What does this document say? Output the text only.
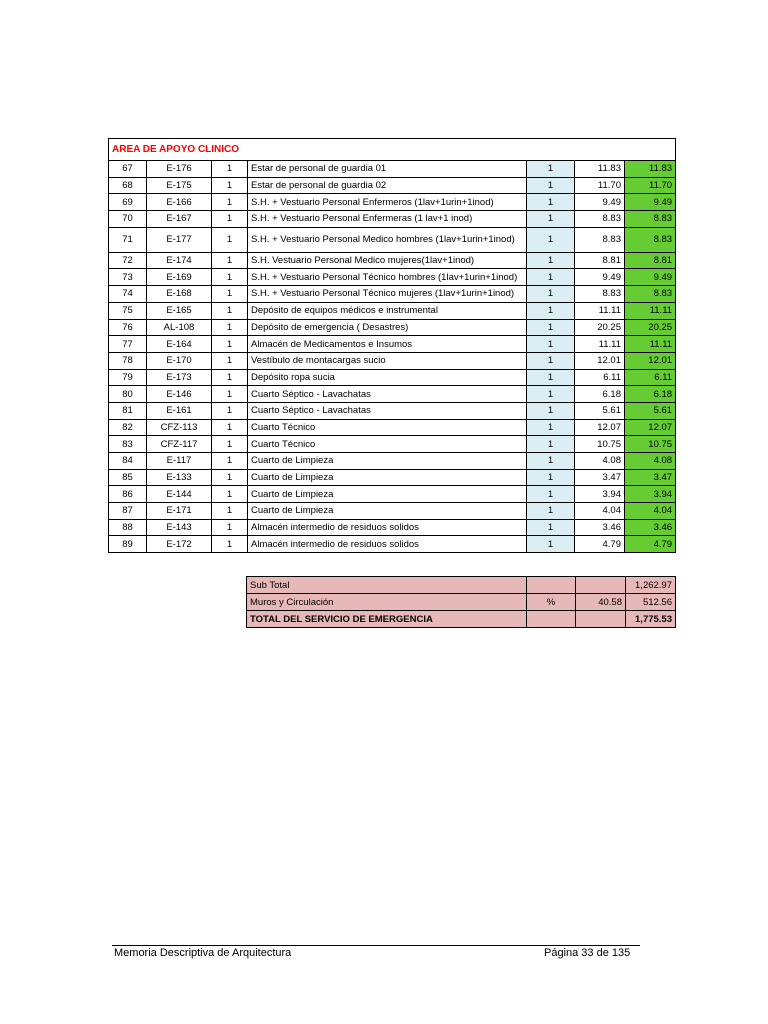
AREA DE APOYO CLINICO						
67	E-176	1	Estar de personal de guardia 01	1	11.83	11.83
68	E-175	1	Estar de personal de guardia 02	1	11.70	11.70
69	E-166	1	S.H. + Vestuario Personal Enfermeros (1lav+1urin+1inod)	1	9.49	9.49
70	E-167	1	S.H. + Vestuario Personal Enfermeras (1 lav+1 inod)	1	8.83	8.83
71	E-177	1	S.H. + Vestuario Personal Medico hombres (1lav+1urin+1inod)	1	8.83	8.83
72	E-174	1	S.H. Vestuario Personal Medico mujeres(1lav+1inod)	1	8.81	8.81
73	E-169	1	S.H. + Vestuario Personal Técnico hombres (1lav+1urin+1inod)	1	9.49	9.49
74	E-168	1	S.H. + Vestuario Personal Técnico mujeres (1lav+1urin+1inod)	1	8.83	8.83
75	E-165	1	Depósito de equipos médicos e instrumental	1	11.11	11.11
76	AL-108	1	Depósito de emergencia ( Desastres)	1	20.25	20.25
77	E-164	1	Almacén de Medicamentos e Insumos	1	11.11	11.11
78	E-170	1	Vestíbulo de montacargas sucio	1	12.01	12.01
79	E-173	1	Depósito ropa sucia	1	6.11	6.11
80	E-146	1	Cuarto Séptico - Lavachatas	1	6.18	6.18
81	E-161	1	Cuarto Séptico - Lavachatas	1	5.61	5.61
82	CFZ-113	1	Cuarto Técnico	1	12.07	12.07
83	CFZ-117	1	Cuarto Técnico	1	10.75	10.75
84	E-117	1	Cuarto de Limpieza	1	4.08	4.08
85	E-133	1	Cuarto de Limpieza	1	3.47	3.47
86	E-144	1	Cuarto de Limpieza	1	3.94	3.94
87	E-171	1	Cuarto de Limpieza	1	4.04	4.04
88	E-143	1	Almacén intermedio de residuos solidos	1	3.46	3.46
89	E-172	1	Almacén intermedio de residuos solidos	1	4.79	4.79
Sub Total			1,262.97
Muros y Circulación	%	40.58	512.56
TOTAL DEL SERVICIO DE EMERGENCIA			1,775.53
Memoria Descriptiva de Arquitectura	Página 33 de 135
